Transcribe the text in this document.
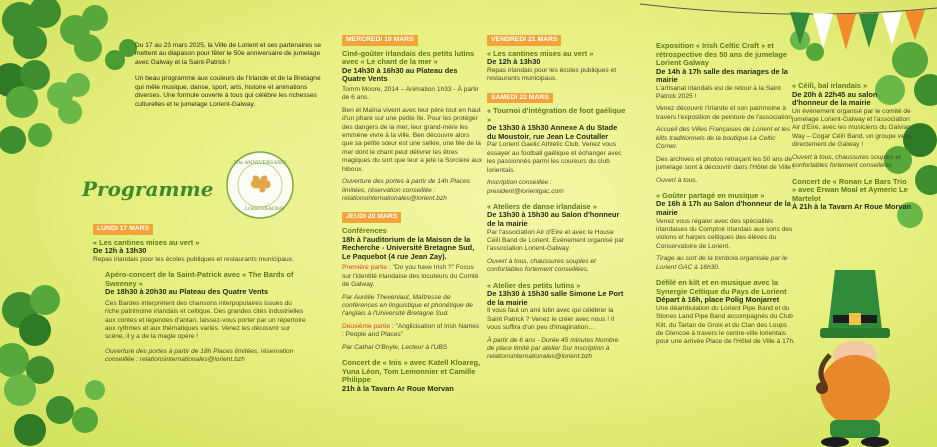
Du 17 au 23 mars 2025, la Ville de Lorient et ses partenaires se mettent au diapason pour fêter le 50e anniversaire de jumelage avec Galway et la Saint-Patrick !

Un beau programme aux couleurs de l'Irlande et de la Bretagne qui mêle musique, danse, sport, arts, histoire et animations diverses. Une formule ouverte à tous qui célèbre les richesses culturelles et le jumelage Lorient-Galway.

Programme
50e ANNIVERSAIRE
LORIENT
GALWAY
LUNDI 17 MARS
« Les cantines mises au vert »
De 12h à 13h30

Repas irlandais pour les écoles publiques et restaurants municipaux.

Apéro-concert de la Saint-Patrick avec « The Bards of Sweeney »
De 18h30 à 20h30 au Plateau des Quatre Vents

Ces Bardes interprètent des chansons interpopulaires issues du riche patrimoine irlandais et celtique. Des grandes cités industrielles aux contes et légendes d'antan, laissez-vous porter par un répertoire aux rythmes et aux thématiques variés. Venez les découvrir sur scène, il y a de la magie opère !

Ouverture des portes à partir de 18h Places limitées, réservation conseillée : relationsinternationales@lorient.bzh

MERCREDI 19 MARS
Ciné-goûter irlandais des petits lutins avec « Le chant de la mer »
De 14h30 à 16h30 au Plateau des Quatre Vents

Tomm Moore, 2014 – Animation 1h33 - À partir de 6 ans.

Ben et Maïna vivent avec leur père tout en haut d'un phare sur une petite île. Pour les protéger des dangers de la mer, leur grand-mère les emmène vivre à la ville. Ben découvre alors que sa petite sœur est une selkie, une fée de la mer dont le chant peut délivrer les êtres magiques du sort que leur a jeté la Sorcière aux hiboux.

Ouverture des portes à partir de 14h Places limitées, réservation conseillée : relationsinternationales@lorient.bzh

JEUDI 20 MARS
Conférences
18h à l'auditorium de la Maison de la Recherche - Université Bretagne Sud, Le Paquebot (4 rue Jean Zay).

Première partie : "Do you have Irish ?" Focus sur l'identité irlandaise des locuteurs du Comté de Galway.

Par Aurélie Theveniaut, Maîtresse de conférences en linguistique et phonétique de l'anglais à l'Université Bretagne Sud.

Deuxième partie : "Anglicisation of Irish Names : People and Places"

Par Cathal O'Boyle, Lecteur à l'UBS

Concert de « Inis » avec Katell Kloareg, Yuna Léon, Tom Lemonnier et Camille Philippe
21h à la Tavarn Ar Roue Morvan
VENDREDI 21 MARS
« Les cantines mises au vert »
De 12h à 13h30

Repas irlandais pour les écoles publiques et restaurants municipaux.

SAMEDI 22 MARS
« Tournoi d'intégration de foot gaélique »
De 13h30 à 15h30 Annexe A du Stade du Moustoir, rue Jean Le Coutaller

Par Lorient Gaelic Athletic Club. Venez vous essayer au football gaélique et échanger avec les passionnés parmi les coureurs du club lorientais.

Inscription conseillée : president@lorientgac.com

« Ateliers de danse irlandaise »
De 13h30 à 15h30 au Salon d'honneur de la mairie

Par l'association Air d'Eire et avec le House Céilí Band de Lorient. Evènement organisé par l'association Lorient-Galway.

Ouvert à tous, chaussures souples et confortables fortement conseillées.

« Atelier des petits lutins »
De 13h30 à 15h30 salle Simone Le Port de la mairie

Il vous faut un ami lutin avec qui célébrer la Saint Patrick ? Venez le créer avec nous ! Il vous suffira d'un peu d'imagination…

À partir de 6 ans - Durée 45 minutes Nombre de place limité par atelier Sur inscription à relationsinternationales@lorient.bzh

Exposition « Irish Celtic Craft » et rétrospective des 50 ans de jumelage Lorient Galway
De 14h à 17h salle des mariages de la mairie

L'artisanat irlandais est de retour à la Saint Patrick 2025 !

Venez découvrir l'Irlande et son patrimoine à travers l'exposition de peinture de l'association

Accueil des Villes Françaises de Lorient et les kilts traditionnels de la boutique Le Celtic Corner.

Des archives et photos retraçant les 50 ans de jumelage sont à découvrir dans l'Hôtel de Ville !

Ouvert à tous.

« Goûter partagé en musique »
De 16h à 17h au Salon d'honneur de la mairie

Venez vous régaler avec des spécialités irlandaises du Comptoir irlandais aux sons des violons et harpes celtiques des élèves du Conservatoire de Lorient.

Tirage au sort de la tombola organisée par le Lorient GAC à 16h30.

Défilé en kilt et en musique avec la Synergie Celtique du Pays de Lorient
Départ à 16h, place Polig Monjarret

Une déambulation du Lorient Pipe Band et du Stones Land Pipe Band accompagnés du Club Kilt, du Tartan de Groix et du Clan des Loups de Glencoe à travers le centre-ville lorientais pour une arrivée Place de l'Hôtel de Ville à 17h.

« Céili, bal irlandais »
De 20h à 22h45 au salon d'honneur de la mairie

Un évènement organisé par le comité de jumelage Lorient-Galway et l'association Air d'Eire, avec les musiciens du Galvian Way – Cogar Céilí Band, un groupe venu directement de Galway !

Ouvert à tous, chaussures souples et confortables fortement conseillées

Concert de « Ronan Le Bars Trio » avec Erwan Moal et Aymeric Le Martelot
À 21h à la Tavarn Ar Roue Morvan
